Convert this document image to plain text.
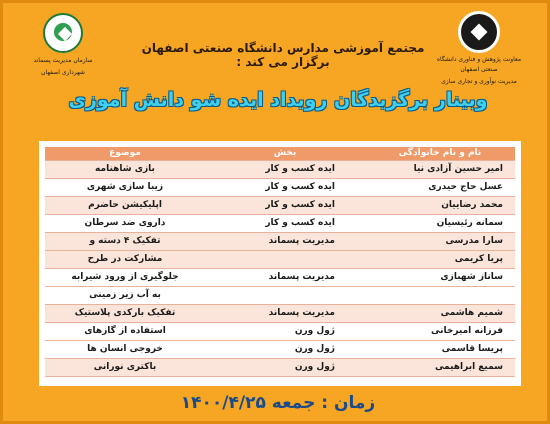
سازمان مدیریت پسماند
شهرداری اصفهان
معاونت پژوهش و فناوری دانشگاه صنعتی اصفهان
مدیریت نوآوری و تجاری سازی
مجتمع آموزشی مدارس دانشگاه صنعتی اصفهان برگزار می کند :
وبینار برگزیدگان رویداد ایده شو دانش آموزی
نام و نام خانوادگی	بخش	موضوع
امیر حسین آزادی نیا	ایده کسب و کار	بازی شاهنامه
عسل حاج حیدری	ایده کسب و کار	زیبا سازی شهری
محمد رضاییان	ایده کسب و کار	اپلیکیشن حاضرم
سمانه رئیسیان	ایده کسب و کار	داروی ضد سرطان
سارا مدرسی	مدیریت پسماند	تفکیک ۴ دسته و
پریا کریمی		مشارکت در طرح
ساناز شهبازی	مدیریت پسماند	جلوگیری از ورود شیرابه
		به آب زیر زمینی
شمیم هاشمی	مدیریت پسماند	تفکیک بارکدی پلاستیک
فرزانه امیرخانی	ژول ورن	استفاده از گازهای
پریسا قاسمی	ژول ورن	خروجی انسان ها
سمیع ابراهیمی	ژول ورن	باکتری نورانی
زمان : جمعه ۱۴۰۰/۴/۲۵
